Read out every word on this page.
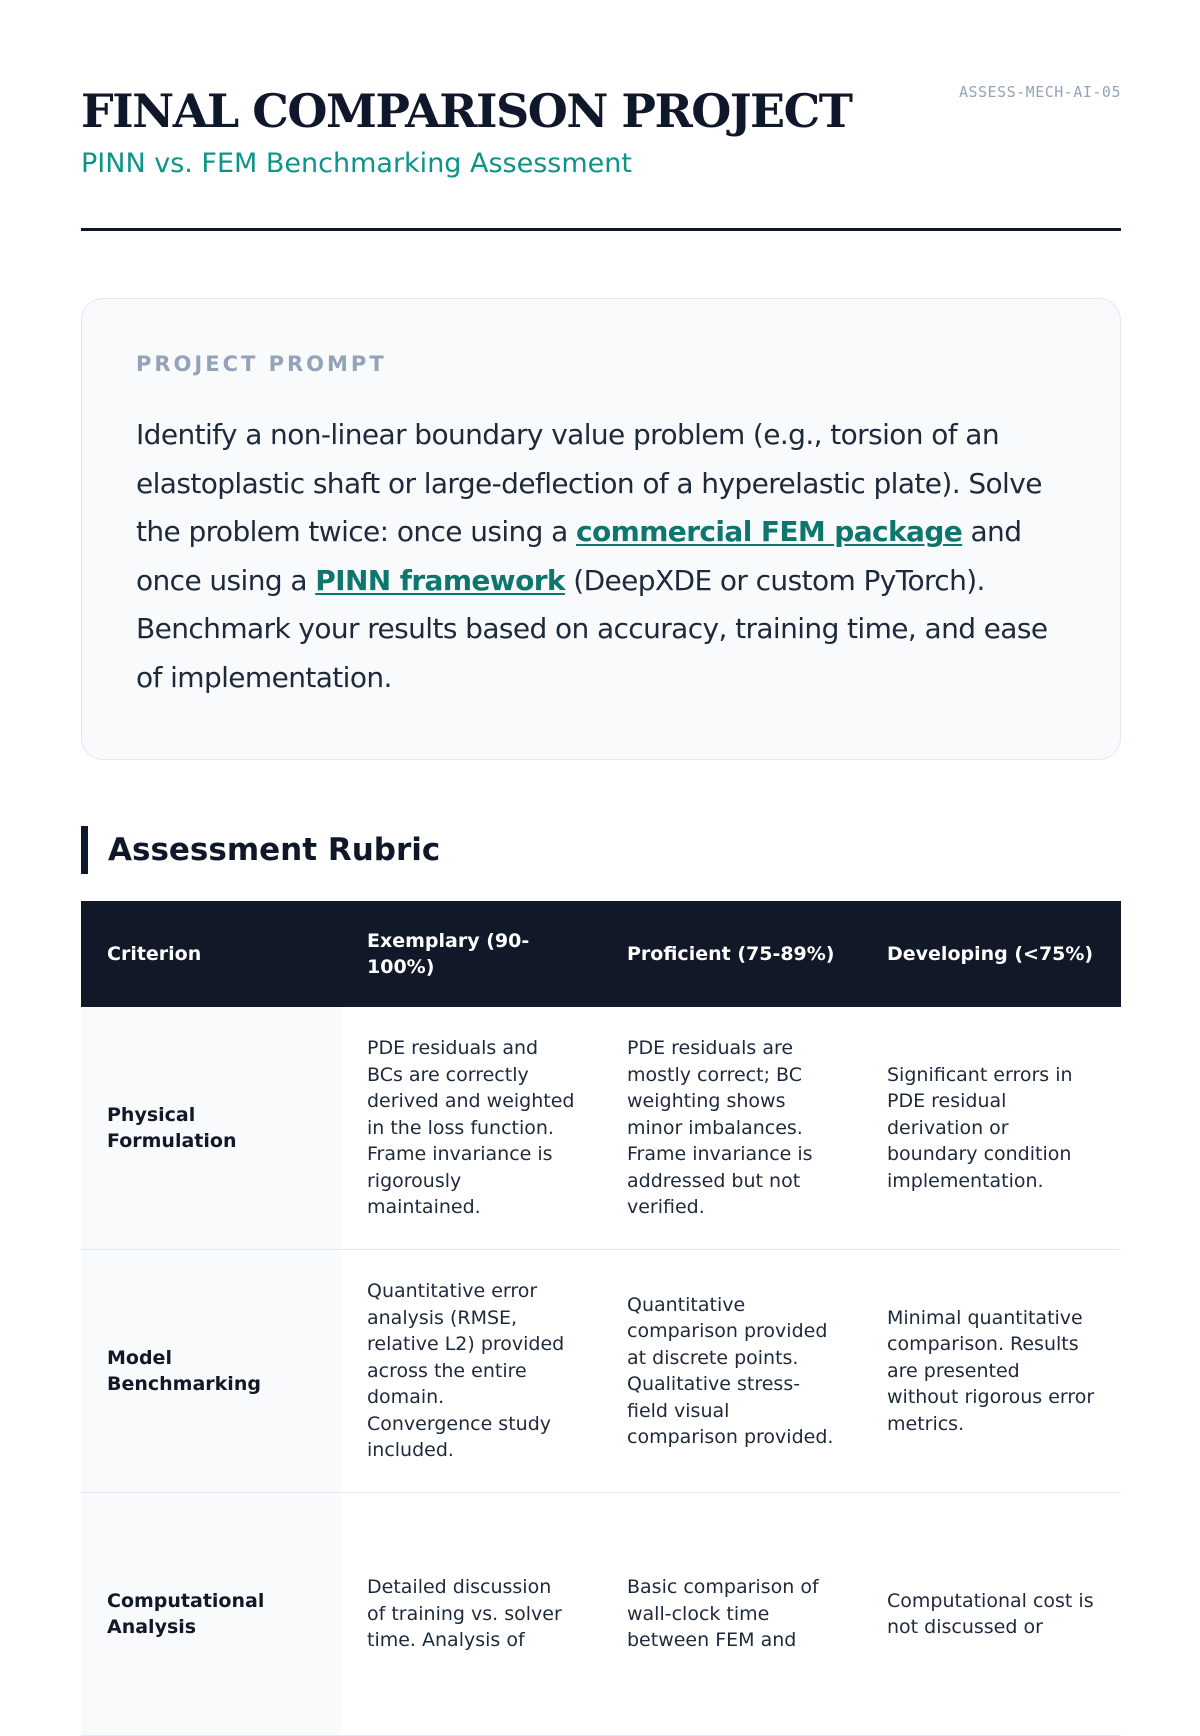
FINAL COMPARISON PROJECT
PINN vs. FEM Benchmarking Assessment
ASSESS-MECH-AI-05
PROJECT PROMPT

Identify a non-linear boundary value problem (e.g., torsion of an elastoplastic shaft or large-deflection of a hyperelastic plate). Solve the problem twice: once using a commercial FEM package and once using a PINN framework (DeepXDE or custom PyTorch). Benchmark your results based on accuracy, training time, and ease of implementation.

Assessment Rubric
Criterion	Exemplary (90-100%)	Proficient (75-89%)	Developing (<75%)
Physical Formulation	PDE residuals and BCs are correctly derived and weighted in the loss function. Frame invariance is rigorously maintained.	PDE residuals are mostly correct; BC weighting shows minor imbalances. Frame invariance is addressed but not verified.	Significant errors in PDE residual derivation or boundary condition implementation.
Model Benchmarking	Quantitative error analysis (RMSE, relative L2) provided across the entire domain. Convergence study included.	Quantitative comparison provided at discrete points. Qualitative stress-field visual comparison provided.	Minimal quantitative comparison. Results are presented without rigorous error metrics.
Computational Analysis	Detailed discussion of training vs. solver time. Analysis of	Basic comparison of wall-clock time between FEM and	Computational cost is not discussed or
